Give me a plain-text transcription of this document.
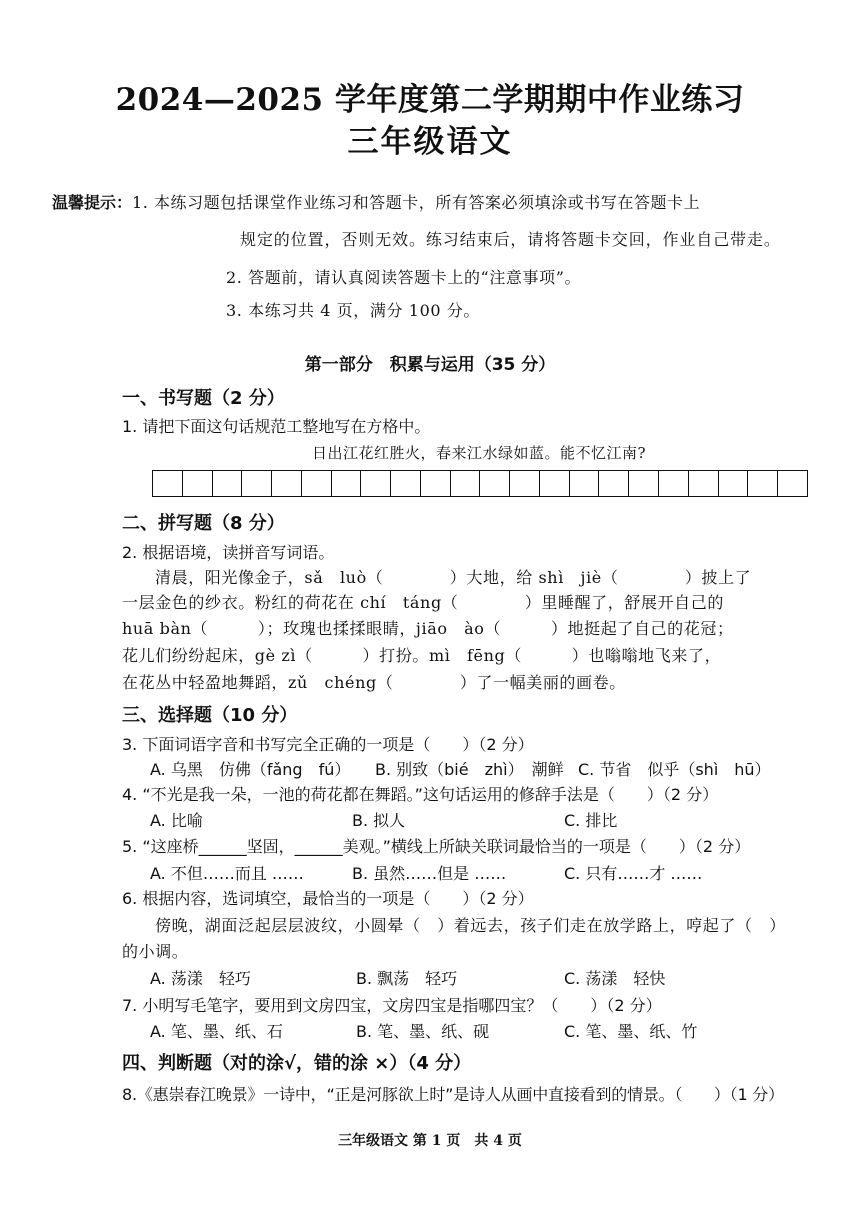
2024—2025 学年度第二学期期中作业练习
三年级语文
温馨提示： 1. 本练习题包括课堂作业练习和答题卡，所有答案必须填涂或书写在答题卡上
规定的位置，否则无效。练习结束后，请将答题卡交回，作业自己带走。
2. 答题前，请认真阅读答题卡上的“注意事项”。
3. 本练习共 4 页，满分 100 分。
第一部分　积累与运用（35 分）
一、书写题（2 分）
1. 请把下面这句话规范工整地写在方格中。
日出江花红胜火，春来江水绿如蓝。能不忆江南?
二、拼写题（8 分）
2. 根据语境，读拼音写词语。
清晨，阳光像金子，sǎ　luò（　　　　）大地，给 shì　jiè（　　　　）披上了
一层金色的纱衣。粉红的荷花在 chí　táng（　　　　）里睡醒了，舒展开自己的
huā bàn（　　　）；玫瑰也揉揉眼睛，jiāo　ào（　　　）地挺起了自己的花冠；
花儿们纷纷起床，gè zì（　　　）打扮。mì　fēng（　　　）也嗡嗡地飞来了，
在花丛中轻盈地舞蹈，zǔ　chéng（　　　　）了一幅美丽的画卷。
三、选择题（10 分）
3. 下面词语字音和书写完全正确的一项是（　　）（2 分）
A. 乌黑　仿佛（fǎng　fú） B. 别致（bié　zhì）　潮鲜 C. 节省　似乎（shì　hū）
4. “不光是我一朵，一池的荷花都在舞蹈。”这句话运用的修辞手法是（　　）（2 分）
A. 比喻	B. 拟人	C. 排比
5. “这座桥______坚固，______美观。”横线上所缺关联词最恰当的一项是（　　）（2 分）
A. 不但……而且 ……	B. 虽然……但是 ……	C. 只有……才 ……
6. 根据内容，选词填空，最恰当的一项是（　　）（2 分）
傍晚，湖面泛起层层波纹，小圆晕（　）着远去，孩子们走在放学路上，哼起了（　）
的小调。
A. 荡漾　轻巧	B. 飘荡　轻巧	C. 荡漾　轻快
7. 小明写毛笔字，要用到文房四宝，文房四宝是指哪四宝？（　　）（2 分）
A. 笔、墨、纸、石	B. 笔、墨、纸、砚	C. 笔、墨、纸、竹
四、判断题（对的涂√，错的涂 ×）（4 分）
8.《惠崇春江晚景》一诗中，“正是河豚欲上时”是诗人从画中直接看到的情景。（　　）（1 分）
三年级语文 第 1 页　共 4 页
